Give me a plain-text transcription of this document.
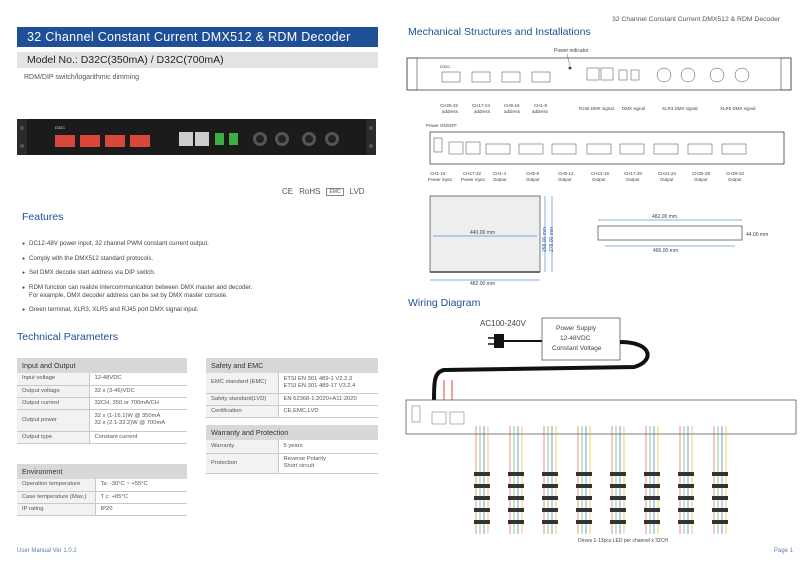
32 Channel Constant Current DMX512 & RDM Decoder
Model No.: D32C(350mA) / D32C(700mA)
RDM/DIP switch/logarithmic dimming
D32C
CE RoHS	EMC	LVD
Features
● DC12-48V power input, 32 channel PWM constant current output.
● Comply with the DMX512 standard protocols.
● Set DMX decode start address via DIP switch.
● RDM function can realize intercommunication between DMX master and decoder.
For example, DMX decoder address can be set by DMX master console.
● Green terminal, XLR3, XLR5 and RJ45 port DMX signal input.
Technical Parameters
Input and Output	
Input voltage	12-48VDC
Output voltage	32 x (3-46)VDC
Output current	32CH, 350 or 700mA/CH
Output power	32 x (1-16.1)W @ 350mA
32 x (2.1-32.2)W @ 700mA

Output type	Constant current
Environment	
Operation temperature	Ta: -30°C ~ +55°C
Case temperature (Max.)	T c: +85°C
IP rating	IP20
Safety and EMC	
EMC standard (EMC)	ETSI EN 301 489-1 V2.2.3
ETSI EN 301 489-17 V3.2.4

Safety standard(LVD)	EN 62368-1:2020+A11:2020
Certification	CE,EMC,LVD
Warranty and Protection	
Warranty	5 years
Protection	Reverse Polarity
Short circuit
User Manual Ver 1.0.2
32 Channel Constant Current DMX512 & RDM Decoder
Mechanical Structures and Installations
Power indicator
D32C
CH25-32
address
CH17-24
address
CH9-16
address
CH1-8
address
RJ45 DMX signal DMX signal	XLR3 DMX signal	XLR5 DMX signal
Power ON/OFF
CH1-16
Power input
CH17-32
Power input
CH1-4
Output
CH5-8
Output
CH9-12
Output
CH13-16
Output
CH17-20
Output
CH21-24
Output
CH25-28
Output
CH29-32
Output
440.00 mm
482.00 mm
258.00 mm 278.00 mm
482.00 mm
44.00 mm
465.00 mm
Wiring Diagram
AC100-240V
Power Supply
12-48VDC
Constant Voltage
Drives 1-13pcs LED per channel x 32CH
Page 1
